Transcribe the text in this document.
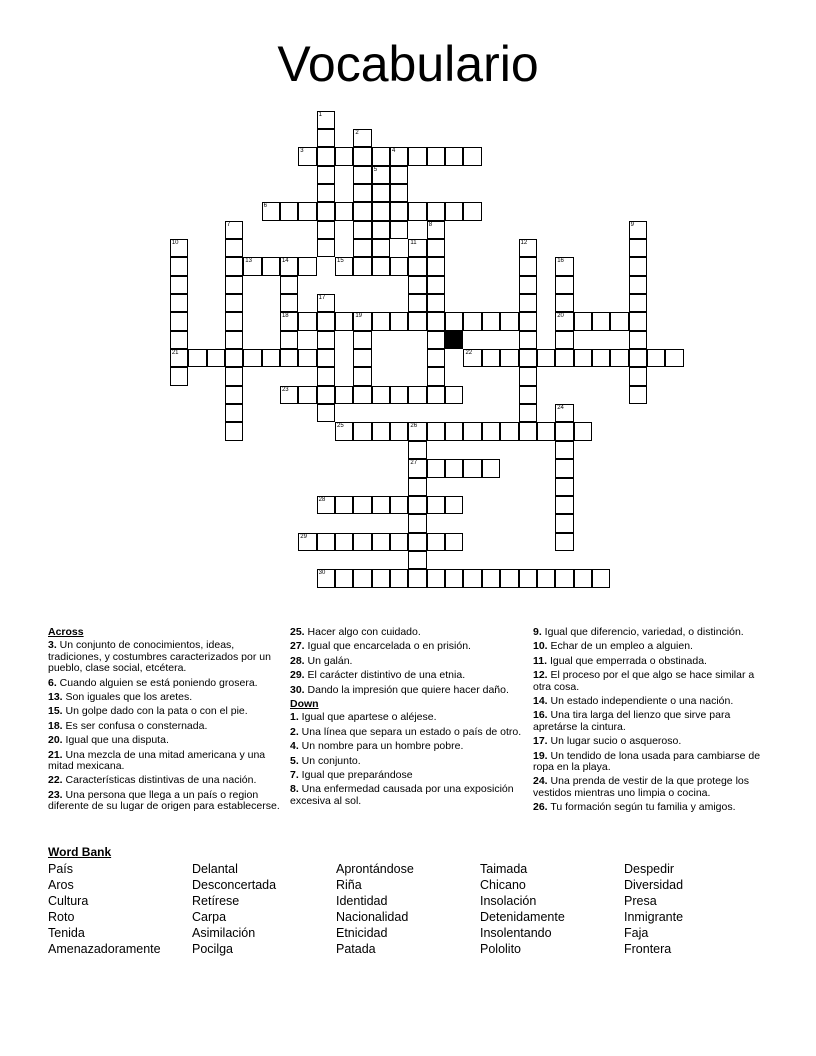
Vocabulario
3	4
6
13	14	15
18	19	20
21	22
23
25	26
27
28
29
30
1
2
5
7	8	9
10	11	12
16
17
24
Across
3. Un conjunto de conocimientos, ideas, tradiciones, y costumbres caracterizados por un pueblo, clase social, etcétera.
6. Cuando alguien se está poniendo grosera.
13. Son iguales que los aretes.
15. Un golpe dado con la pata o con el pie.
18. Es ser confusa o consternada.
20. Igual que una disputa.
21. Una mezcla de una mitad americana y una mitad mexicana.
22. Características distintivas de una nación.
23. Una persona que llega a un país o region diferente de su lugar de origen para establecerse.
25. Hacer algo con cuidado.
27. Igual que encarcelada o en prisión.
28. Un galán.
29. El carácter distintivo de una etnia.
30. Dando la impresión que quiere hacer daño.
Down
1. Igual que apartese o aléjese.
2. Una línea que separa un estado o país de otro.
4. Un nombre para un hombre pobre.
5. Un conjunto.
7. Igual que preparándose
8. Una enfermedad causada por una exposición excesiva al sol.
9. Igual que diferencio, variedad, o distinción.
10. Echar de un empleo a alguien.
11. Igual que emperrada o obstinada.
12. El proceso por el que algo se hace similar a otra cosa.
14. Un estado independiente o una nación.
16. Una tira larga del lienzo que sirve para apretárse la cintura.
17. Un lugar sucio o asqueroso.
19. Un tendido de lona usada para cambiarse de ropa en la playa.
24. Una prenda de vestir de la que protege los vestidos mientras uno limpia o cocina.
26. Tu formación según tu familia y amigos.
Word Bank
País
Aros
Cultura
Roto
Tenida
Amenazadoramente
Delantal
Desconcertada
Retírese
Carpa
Asimilación
Pocilga
Aprontándose
Riña
Identidad
Nacionalidad
Etnicidad
Patada
Taimada
Chicano
Insolación
Detenidamente
Insolentando
Pololito
Despedir
Diversidad
Presa
Inmigrante
Faja
Frontera
